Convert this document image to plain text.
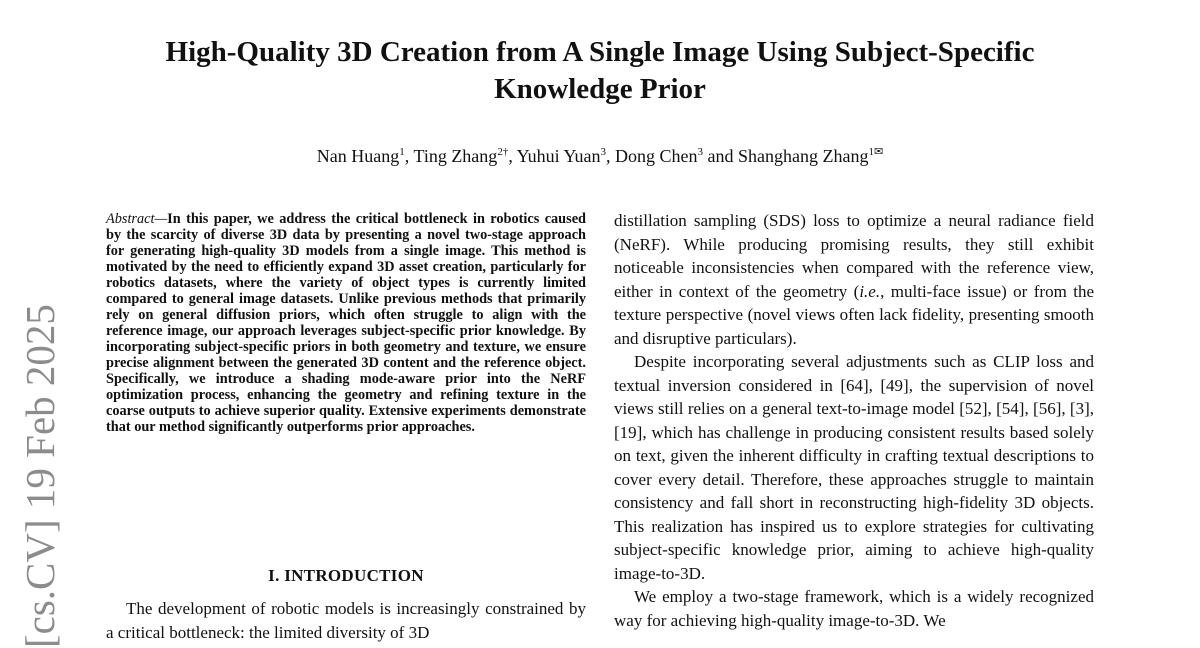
[cs.CV] 19 Feb 2025
High-Quality 3D Creation from A Single Image Using Subject-Specific Knowledge Prior

Nan Huang$^1$, Ting Zhang$^{2\dagger}$, Yuhui Yuan$^3$, Dong Chen$^3$ and Shanghang Zhang$^{1✉}$

Abstract—In this paper, we address the critical bottleneck in robotics caused by the scarcity of diverse 3D data by presenting a novel two-stage approach for generating high-quality 3D models from a single image. This method is motivated by the need to efficiently expand 3D asset creation, particularly for robotics datasets, where the variety of object types is currently limited compared to general image datasets. Unlike previous methods that primarily rely on general diffusion priors, which often struggle to align with the reference image, our approach leverages subject-specific prior knowledge. By incorporating subject-specific priors in both geometry and texture, we ensure precise alignment between the generated 3D content and the reference object. Specifically, we introduce a shading mode-aware prior into the NeRF optimization process, enhancing the geometry and refining texture in the coarse outputs to achieve superior quality. Extensive experiments demonstrate that our method significantly outperforms prior approaches.

I. INTRODUCTION

The development of robotic models is increasingly constrained by a critical bottleneck: the limited diversity of 3D

distillation sampling (SDS) loss to optimize a neural radiance field (NeRF). While producing promising results, they still exhibit noticeable inconsistencies when compared with the reference view, either in context of the geometry (i.e., multi-face issue) or from the texture perspective (novel views often lack fidelity, presenting smooth and disruptive particulars).

Despite incorporating several adjustments such as CLIP loss and textual inversion considered in [64], [49], the supervision of novel views still relies on a general text-to-image model [52], [54], [56], [3], [19], which has challenge in producing consistent results based solely on text, given the inherent difficulty in crafting textual descriptions to cover every detail. Therefore, these approaches struggle to maintain consistency and fall short in reconstructing high-fidelity 3D objects. This realization has inspired us to explore strategies for cultivating subject-specific knowledge prior, aiming to achieve high-quality image-to-3D.

We employ a two-stage framework, which is a widely recognized way for achieving high-quality image-to-3D. We
